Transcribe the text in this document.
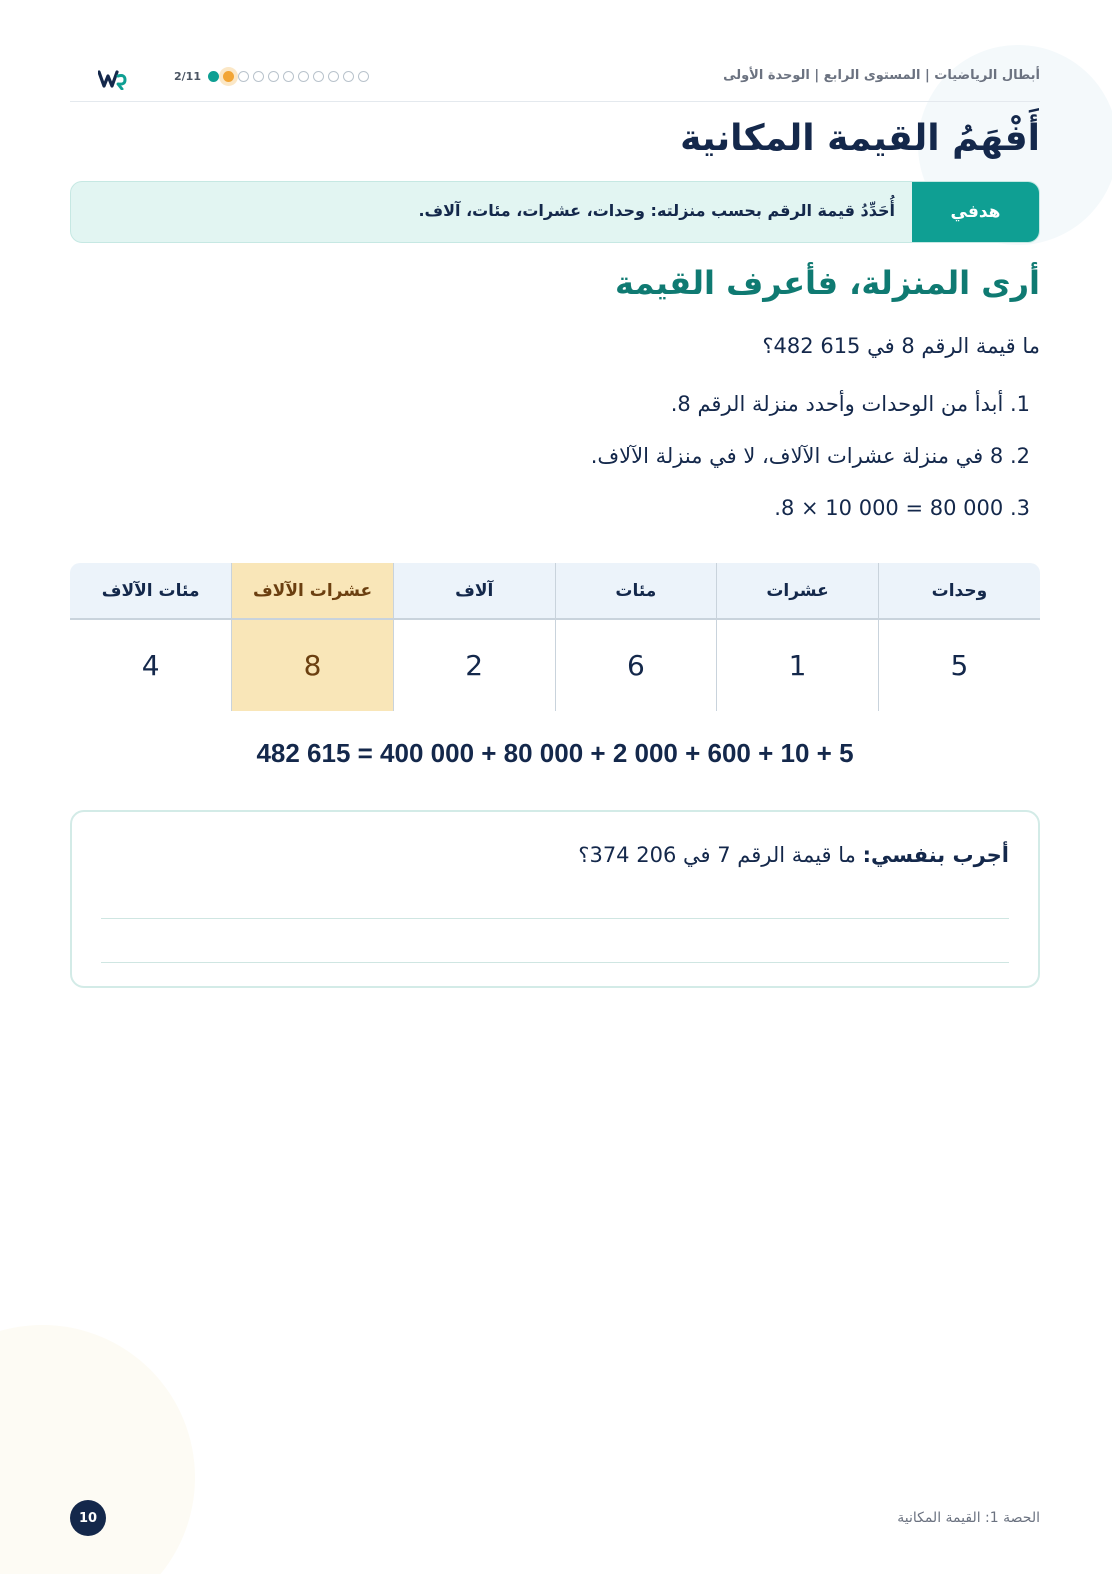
أبطال الرياضيات | المستوى الرابع | الوحدة الأولى
2/11
أَفْهَمُ القيمة المكانية
هدفي
أُحَدِّدُ قيمة الرقم بحسب منزلته: وحدات، عشرات، مئات، آلاف.
أرى المنزلة، فأعرف القيمة

ما قيمة الرقم 8 في 615 482؟

1. أبدأ من الوحدات وأحدد منزلة الرقم 8.
2. 8 في منزلة عشرات الآلاف، لا في منزلة الآلاف.
3. 000 80 = 000 10 × 8.
وحدات	عشرات	مئات	آلاف	عشرات الآلاف	مئات الآلاف
5	1	6	2	8	4
482 615 = 400 000 + 80 000 + 2 000 + 600 + 10 + 5

أجرب بنفسي: ما قيمة الرقم 7 في 206 374؟

الحصة 1: القيمة المكانية
10
